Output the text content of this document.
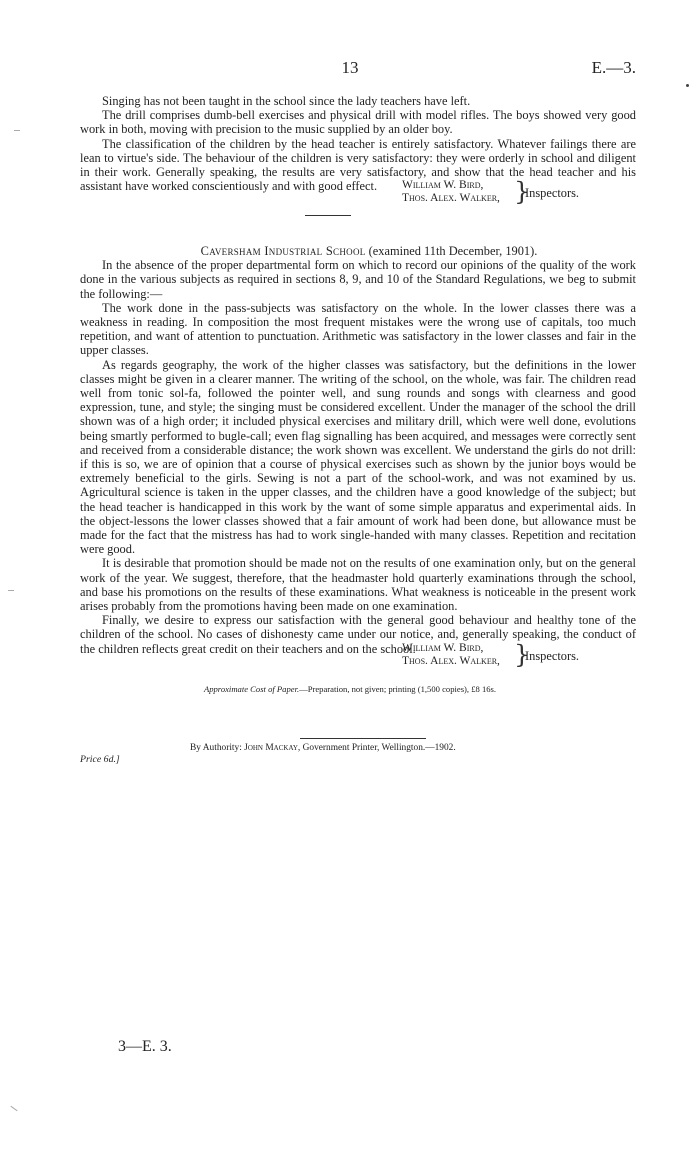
13	E.—3.

Singing has not been taught in the school since the lady teachers have left.

The drill comprises dumb-bell exercises and physical drill with model rifles. The boys showed very good work in both, moving with precision to the music supplied by an older boy.

The classification of the children by the head teacher is entirely satisfactory. Whatever failings there are lean to virtue's side. The behaviour of the children is very satisfactory: they were orderly in school and diligent in their work. Generally speaking, the results are very satisfactory, and show that the head teacher and his assistant have worked conscientiously and with good effect.	William W. Bird,
Thos. Alex. Walker, }
Inspectors.

Caversham Industrial School (examined 11th December, 1901).

In the absence of the proper departmental form on which to record our opinions of the quality of the work done in the various subjects as required in sections 8, 9, and 10 of the Standard Regulations, we beg to submit the following:—

The work done in the pass-subjects was satisfactory on the whole. In the lower classes there was a weakness in reading. In composition the most frequent mistakes were the wrong use of capitals, too much repetition, and want of attention to punctuation. Arithmetic was satisfactory in the lower classes and fair in the upper classes.

As regards geography, the work of the higher classes was satisfactory, but the definitions in the lower classes might be given in a clearer manner. The writing of the school, on the whole, was fair. The children read well from tonic sol-fa, followed the pointer well, and sung rounds and songs with clearness and good expression, tune, and style; the singing must be considered excellent. Under the manager of the school the drill shown was of a high order; it included physical exercises and military drill, which were well done, evolutions being smartly performed to bugle-call; even flag signalling has been acquired, and messages were correctly sent and received from a considerable distance; the work shown was excellent. We understand the girls do not drill: if this is so, we are of opinion that a course of physical exercises such as shown by the junior boys would be extremely beneficial to the girls. Sewing is not a part of the school-work, and was not examined by us. Agricultural science is taken in the upper classes, and the children have a good knowledge of the subject; but the head teacher is handicapped in this work by the want of some simple apparatus and experimental aids. In the object-lessons the lower classes showed that a fair amount of work had been done, but allowance must be made for the fact that the mistress has had to work single-handed with many classes. Repetition and recitation were good.

It is desirable that promotion should be made not on the results of one examination only, but on the general work of the year. We suggest, therefore, that the headmaster hold quarterly examinations through the school, and base his promotions on the results of these examinations. What weakness is noticeable in the present work arises probably from the promotions having been made on one examination.

Finally, we desire to express our satisfaction with the general good behaviour and healthy tone of the children of the school. No cases of dishonesty came under our notice, and, generally speaking, the conduct of the children reflects great credit on their teachers and on the school.

William W. Bird,
Thos. Alex. Walker, }
Inspectors.
Approximate Cost of Paper.—Preparation, not given; printing (1,500 copies), £8 16s.
By Authority: John Mackay, Government Printer, Wellington.—1902.
Price 6d.]
3—E. 3.
